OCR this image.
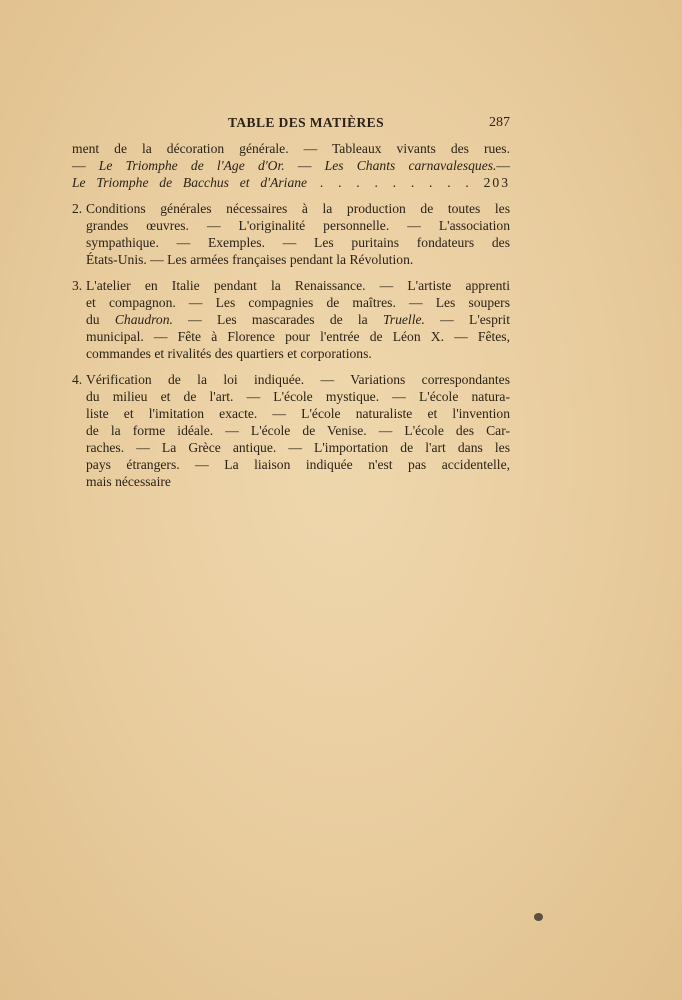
TABLE DES MATIÈRES	287
ment de la décoration générale. — Tableaux vivants des rues.
— Le Triomphe de l'Age d'Or. — Les Chants carnavalesques.—
Le Triomphe de Bacchus et d'Ariane . . . . . . . . . 203
2. Conditions générales nécessaires à la production de toutes les
grandes œuvres. — L'originalité personnelle. — L'association
sympathique. — Exemples. — Les puritains fondateurs des
États-Unis. — Les armées françaises pendant la Révolution.
3. L'atelier en Italie pendant la Renaissance. — L'artiste apprenti
et compagnon. — Les compagnies de maîtres. — Les soupers
du Chaudron. — Les mascarades de la Truelle. — L'esprit
municipal. — Fête à Florence pour l'entrée de Léon X. — Fêtes,
commandes et rivalités des quartiers et corporations.
4. Vérification de la loi indiquée. — Variations correspondantes
du milieu et de l'art. — L'école mystique. — L'école natura-
liste et l'imitation exacte. — L'école naturaliste et l'invention
de la forme idéale. — L'école de Venise. — L'école des Car-
raches. — La Grèce antique. — L'importation de l'art dans les
pays étrangers. — La liaison indiquée n'est pas accidentelle,
mais nécessaire
